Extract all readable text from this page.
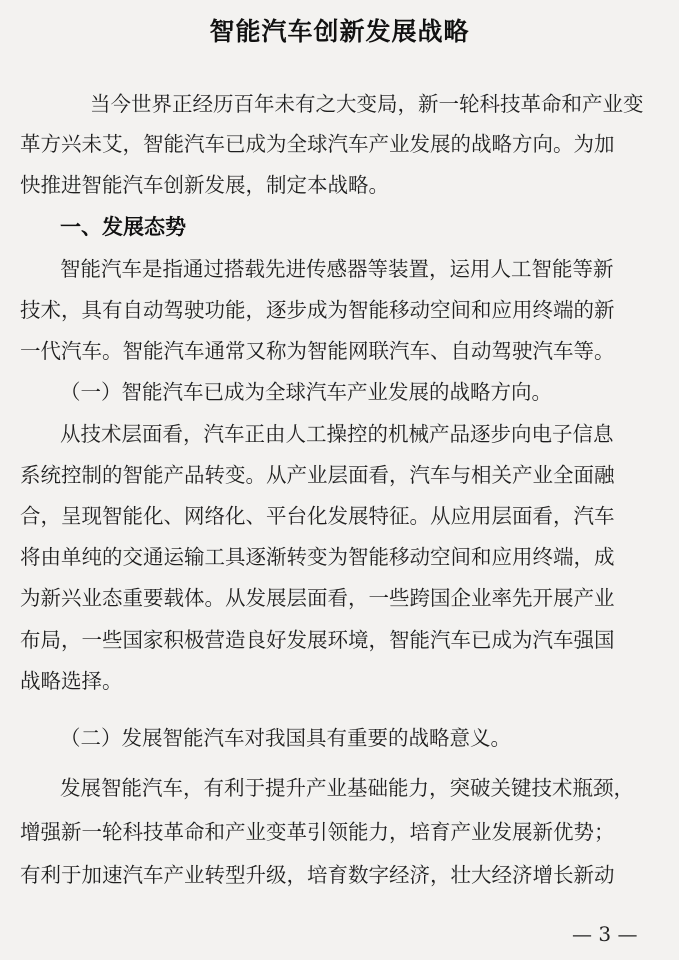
智能汽车创新发展战略
当今世界正经历百年未有之大变局，新一轮科技革命和产业变
革方兴未艾，智能汽车已成为全球汽车产业发展的战略方向。为加
快推进智能汽车创新发展，制定本战略。
一、发展态势
智能汽车是指通过搭载先进传感器等装置，运用人工智能等新
技术，具有自动驾驶功能，逐步成为智能移动空间和应用终端的新
一代汽车。智能汽车通常又称为智能网联汽车、自动驾驶汽车等。
（一）智能汽车已成为全球汽车产业发展的战略方向。
从技术层面看，汽车正由人工操控的机械产品逐步向电子信息
系统控制的智能产品转变。从产业层面看，汽车与相关产业全面融
合，呈现智能化、网络化、平台化发展特征。从应用层面看，汽车
将由单纯的交通运输工具逐渐转变为智能移动空间和应用终端，成
为新兴业态重要载体。从发展层面看，一些跨国企业率先开展产业
布局，一些国家积极营造良好发展环境，智能汽车已成为汽车强国
战略选择。
（二）发展智能汽车对我国具有重要的战略意义。
发展智能汽车，有利于提升产业基础能力，突破关键技术瓶颈，
增强新一轮科技革命和产业变革引领能力，培育产业发展新优势；
有利于加速汽车产业转型升级，培育数字经济，壮大经济增长新动
— 3 —
